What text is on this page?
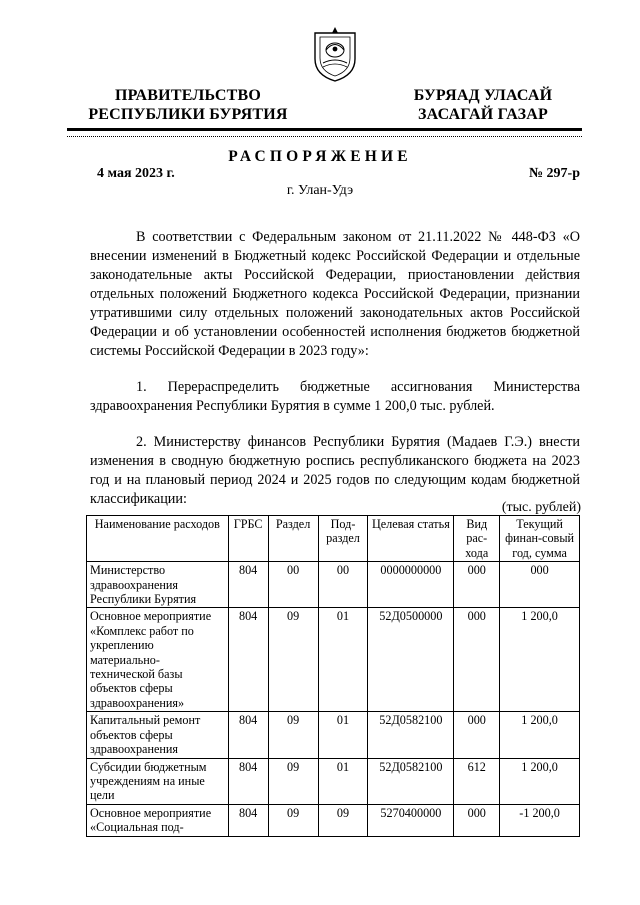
ПРАВИТЕЛЬСТВО
РЕСПУБЛИКИ БУРЯТИЯ
БУРЯАД УЛАСАЙ
ЗАСАГАЙ ГАЗАР
РАСПОРЯЖЕНИЕ
4 мая 2023 г.	№ 297-р
г. Улан-Удэ

В соответствии с Федеральным законом от 21.11.2022 № 448-ФЗ «О внесении изменений в Бюджетный кодекс Российской Федерации и отдельные законодательные акты Российской Федерации, приостановлении действия отдельных положений Бюджетного кодекса Российской Федерации, признании утратившими силу отдельных положений законодательных актов Российской Федерации и об установлении особенностей исполнения бюджетов бюджетной системы Российской Федерации в 2023 году»:

1. Перераспределить бюджетные ассигнования Министерства здравоохранения Республики Бурятия в сумме 1 200,0 тыс. рублей.

2. Министерству финансов Республики Бурятия (Мадаев Г.Э.) внести изменения в сводную бюджетную роспись республиканского бюджета на 2023 год и на плановый период 2024 и 2025 годов по следующим кодам бюджетной классификации:

(тыс. рублей)
Наименование расходов	ГРБС	Раздел	Под-раздел	Целевая статья	Вид рас-хода	Текущий финан-совый год, сумма
Министерство здравоохранения Республики Бурятия	804	00	00	0000000000	000	000
Основное мероприятие «Комплекс работ по укреплению материально-технической базы объектов сферы здравоохранения»	804	09	01	52Д0500000	000	1 200,0
Капитальный ремонт объектов сферы здравоохранения	804	09	01	52Д0582100	000	1 200,0
Субсидии бюджетным учреждениям на иные цели	804	09	01	52Д0582100	612	1 200,0
Основное мероприятие «Социальная под-	804	09	09	5270400000	000	-1 200,0
